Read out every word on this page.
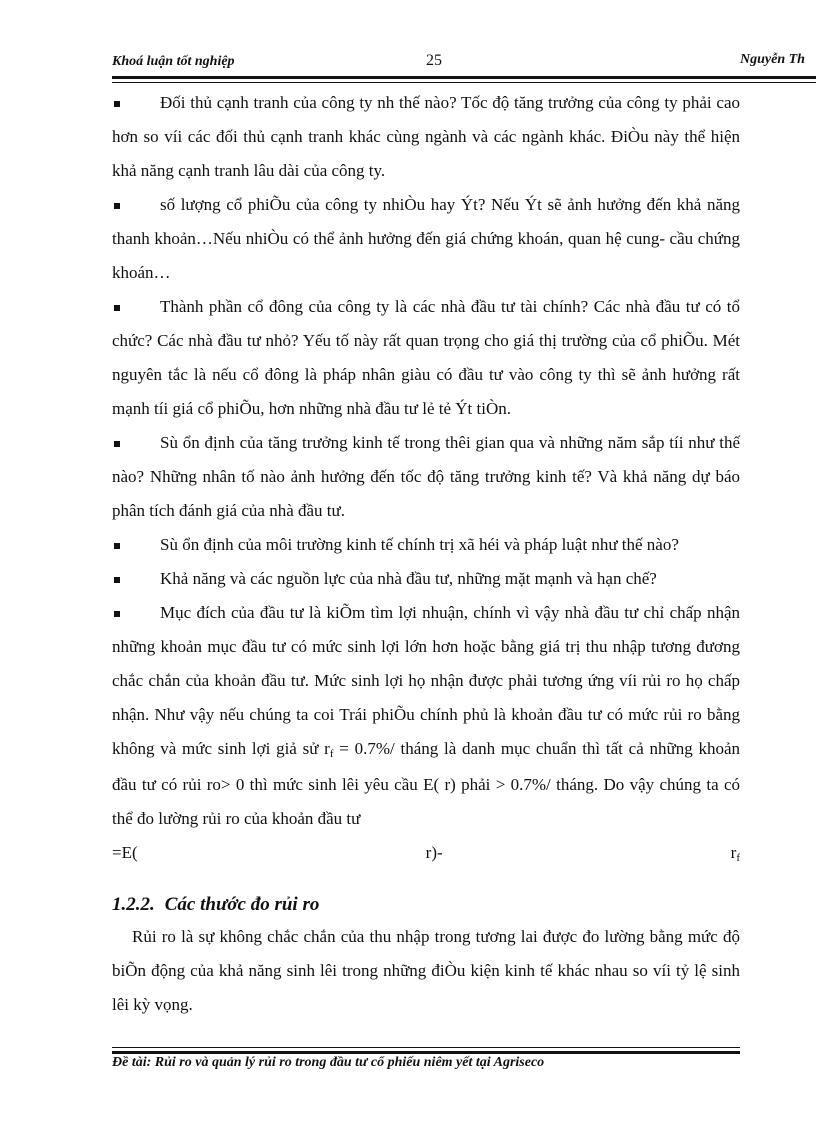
Khoá luận tốt nghiệp	25	Nguyễn Th

Đối thủ cạnh tranh của công ty nh thế nào? Tốc độ tăng trưởng của công ty phải cao hơn so víi các đối thủ cạnh tranh khác cùng ngành và các ngành khác. ĐiÒu này thể hiện khả năng cạnh tranh lâu dài của công ty.

số lượng cổ phiÕu của công ty nhiÒu hay Ýt? Nếu Ýt sẽ ảnh hưởng đến khả năng thanh khoản…Nếu nhiÒu có thể ảnh hưởng đến giá chứng khoán, quan hệ cung- cầu chứng khoán…

Thành phần cổ đông của công ty là các nhà đầu tư tài chính? Các nhà đầu tư có tổ chức? Các nhà đầu tư nhỏ? Yếu tố này rất quan trọng cho giá thị trường của cổ phiÕu. Mét nguyên tắc là nếu cổ đông là pháp nhân giàu có đầu tư vào công ty thì sẽ ảnh hưởng rất mạnh tíi giá cổ phiÕu, hơn những nhà đầu tư lẻ tẻ Ýt tiÒn.

Sù ổn định của tăng trưởng kinh tế trong thêi gian qua và những năm sắp tíi như thế nào? Những nhân tố nào ảnh hưởng đến tốc độ tăng trưởng kinh tế? Và khả năng dự báo phân tích đánh giá của nhà đầu tư.

Sù ổn định của môi trường kinh tế chính trị xã héi và pháp luật như thế nào?

Khả năng và các nguồn lực của nhà đầu tư, những mặt mạnh và hạn chế?

Mục đích của đầu tư là kiÕm tìm lợi nhuận, chính vì vậy nhà đầu tư chỉ chấp nhận những khoản mục đầu tư có mức sinh lợi lớn hơn hoặc bằng giá trị thu nhập tương đương chắc chắn của khoản đầu tư. Mức sinh lợi họ nhận được phải tương ứng víi rủi ro họ chấp nhận. Như vậy nếu chúng ta coi Trái phiÕu chính phủ là khoản đầu tư có mức rủi ro bằng không và mức sinh lợi giả sử rf = 0.7%/ tháng là danh mục chuẩn thì tất cả những khoản đầu tư có rủi ro> 0 thì mức sinh lêi yêu cầu E( r) phải > 0.7%/ tháng. Do vậy chúng ta có thể đo lường rủi ro của khoản đầu tư

=E(	r)-	rf

1.2.2. Các thước đo rủi ro

Rủi ro là sự không chắc chắn của thu nhập trong tương lai được đo lường bằng mức độ biÕn động của khả năng sinh lêi trong những điÒu kiện kinh tế khác nhau so víi tỷ lệ sinh lêi kỳ vọng.

Đề tài: Rủi ro và quản lý rủi ro trong đầu tư cổ phiếu niêm yết tại Agriseco
